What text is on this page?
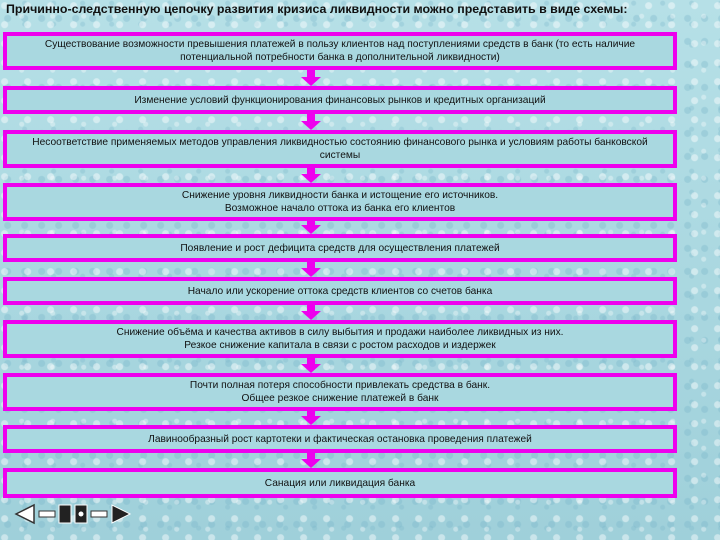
Причинно-следственную цепочку развития кризиса ликвидности можно представить в виде схемы:
Существование возможности превышения платежей в пользу клиентов над поступлениями средств в банк (то есть наличие потенциальной потребности банка в дополнительной ликвидности)
Изменение условий функционирования финансовых рынков и кредитных организаций
Несоответствие применяемых методов управления ликвидностью состоянию финансового рынка и условиям работы банковской системы
Снижение уровня ликвидности банка и истощение его источников.
Возможное начало оттока из банка его клиентов
Появление и рост дефицита средств для осуществления платежей
Начало или ускорение оттока средств клиентов со счетов банка
Снижение объёма и качества активов в силу выбытия и продажи наиболее ликвидных из них.
Резкое снижение капитала в связи с ростом расходов и издержек
Почти полная потеря способности привлекать средства в банк.
Общее резкое снижение платежей в банк
Лавинообразный рост картотеки и фактическая остановка проведения платежей
Санация или ликвидация банка
